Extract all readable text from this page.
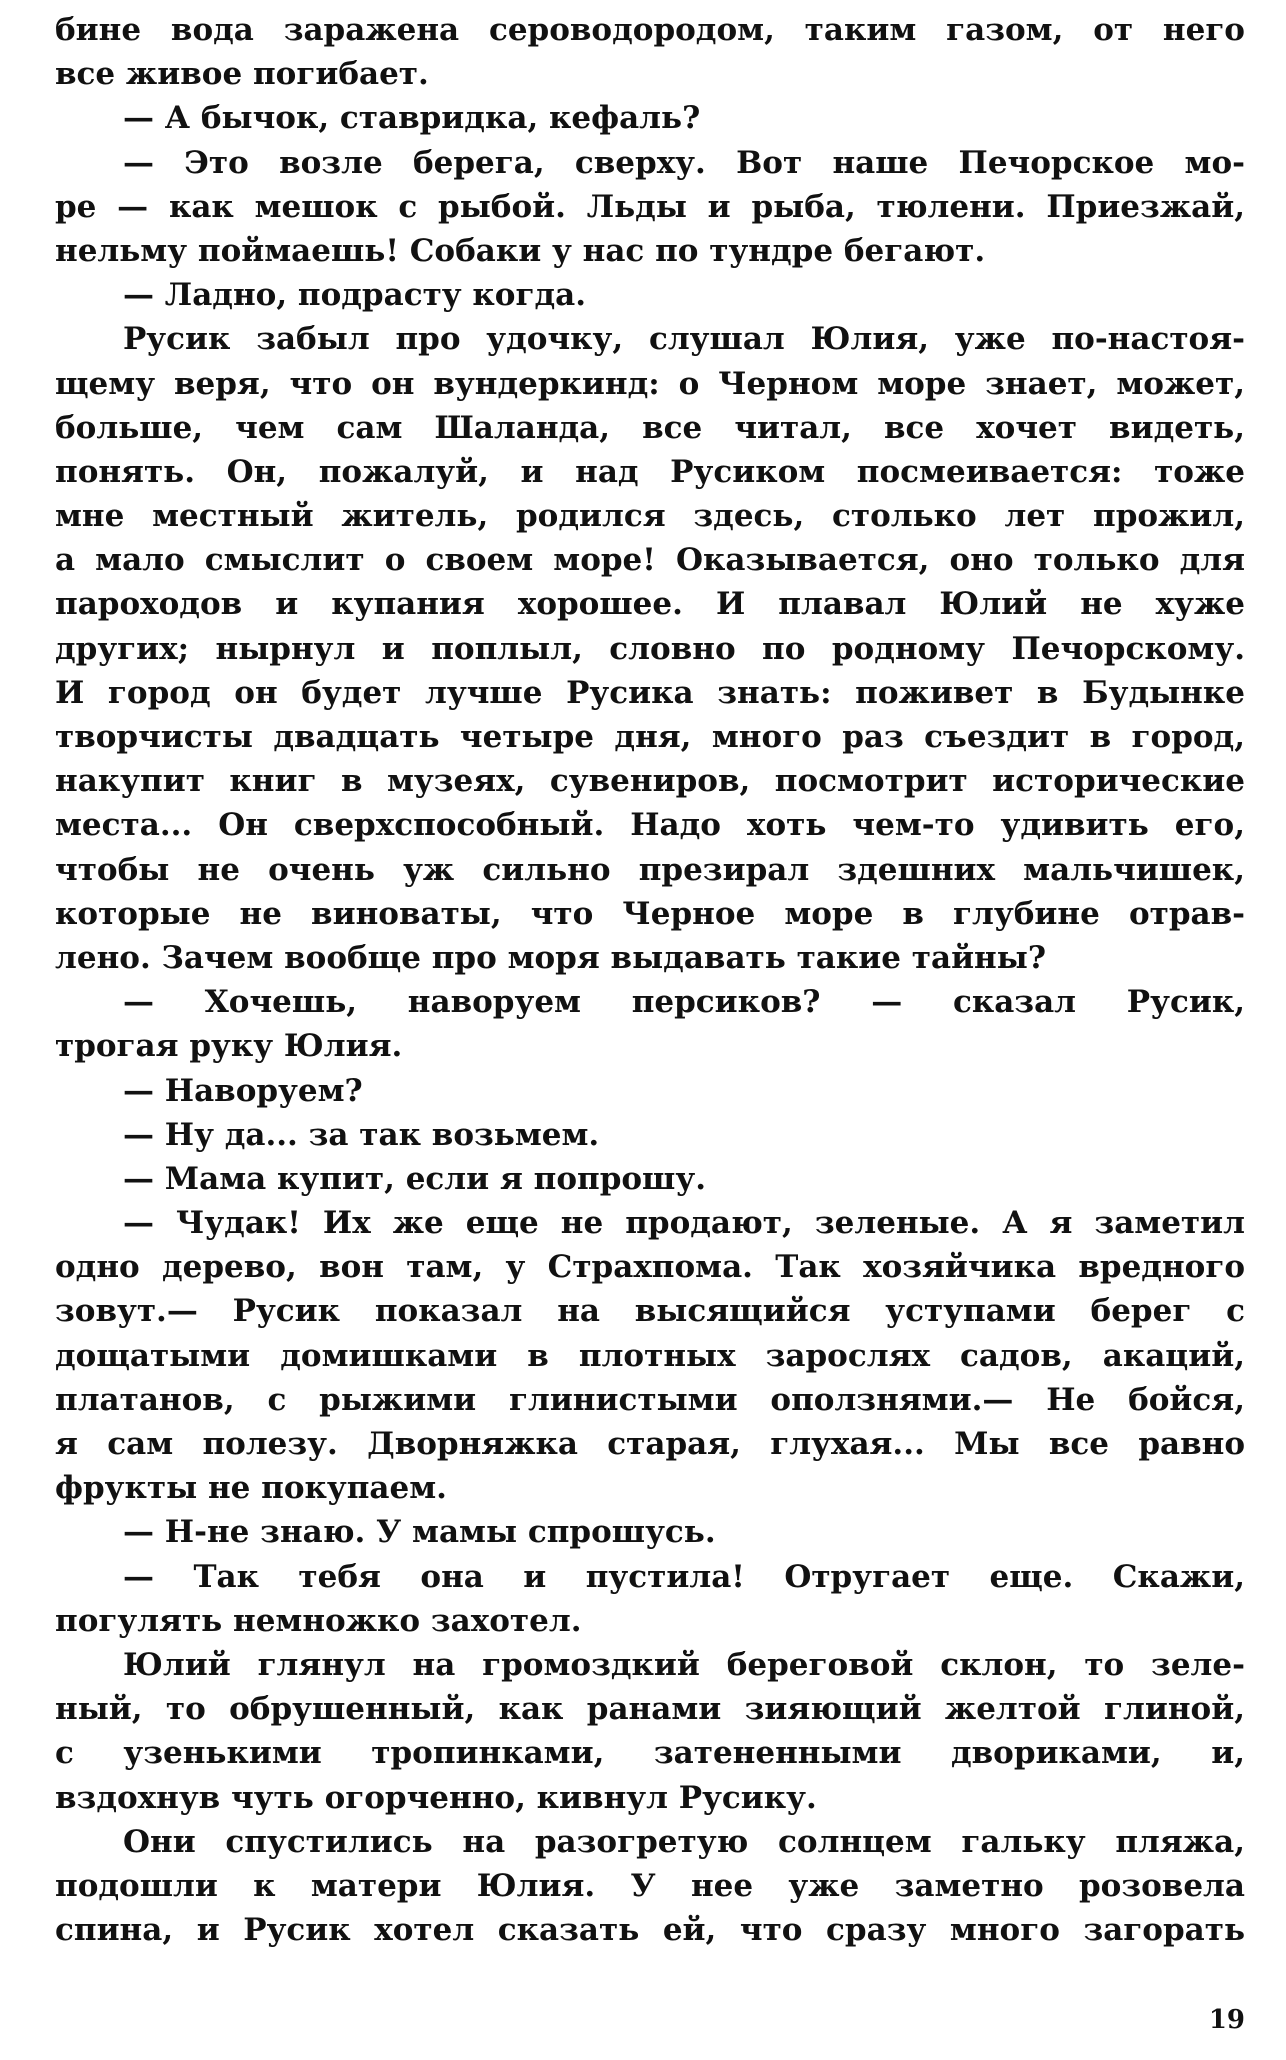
бине вода заражена сероводородом, таким газом, от него
все живое погибает.
— А бычок, ставридка, кефаль?
— Это возле берега, сверху. Вот наше Печорское мо-
ре — как мешок с рыбой. Льды и рыба, тюлени. Приезжай,
нельму поймаешь! Собаки у нас по тундре бегают.
— Ладно, подрасту когда.
Русик забыл про удочку, слушал Юлия, уже по-настоя-
щему веря, что он вундеркинд: о Черном море знает, может,
больше, чем сам Шаланда, все читал, все хочет видеть,
понять. Он, пожалуй, и над Русиком посмеивается: тоже
мне местный житель, родился здесь, столько лет прожил,
а мало смыслит о своем море! Оказывается, оно только для
пароходов и купания хорошее. И плавал Юлий не хуже
других; нырнул и поплыл, словно по родному Печорскому.
И город он будет лучше Русика знать: поживет в Будынке
творчисты двадцать четыре дня, много раз съездит в город,
накупит книг в музеях, сувениров, посмотрит исторические
места... Он сверхспособный. Надо хоть чем-то удивить его,
чтобы не очень уж сильно презирал здешних мальчишек,
которые не виноваты, что Черное море в глубине отрав-
лено. Зачем вообще про моря выдавать такие тайны?
— Хочешь, наворуем персиков? — сказал Русик,
трогая руку Юлия.
— Наворуем?
— Ну да... за так возьмем.
— Мама купит, если я попрошу.
— Чудак! Их же еще не продают, зеленые. А я заметил
одно дерево, вон там, у Страхпома. Так хозяйчика вредного
зовут.— Русик показал на высящийся уступами берег с
дощатыми домишками в плотных зарослях садов, акаций,
платанов, с рыжими глинистыми оползнями.— Не бойся,
я сам полезу. Дворняжка старая, глухая... Мы все равно
фрукты не покупаем.
— Н-не знаю. У мамы спрошусь.
— Так тебя она и пустила! Отругает еще. Скажи,
погулять немножко захотел.
Юлий глянул на громоздкий береговой склон, то зеле-
ный, то обрушенный, как ранами зияющий желтой глиной,
с узенькими тропинками, затененными двориками, и,
вздохнув чуть огорченно, кивнул Русику.
Они спустились на разогретую солнцем гальку пляжа,
подошли к матери Юлия. У нее уже заметно розовела
спина, и Русик хотел сказать ей, что сразу много загорать
19
